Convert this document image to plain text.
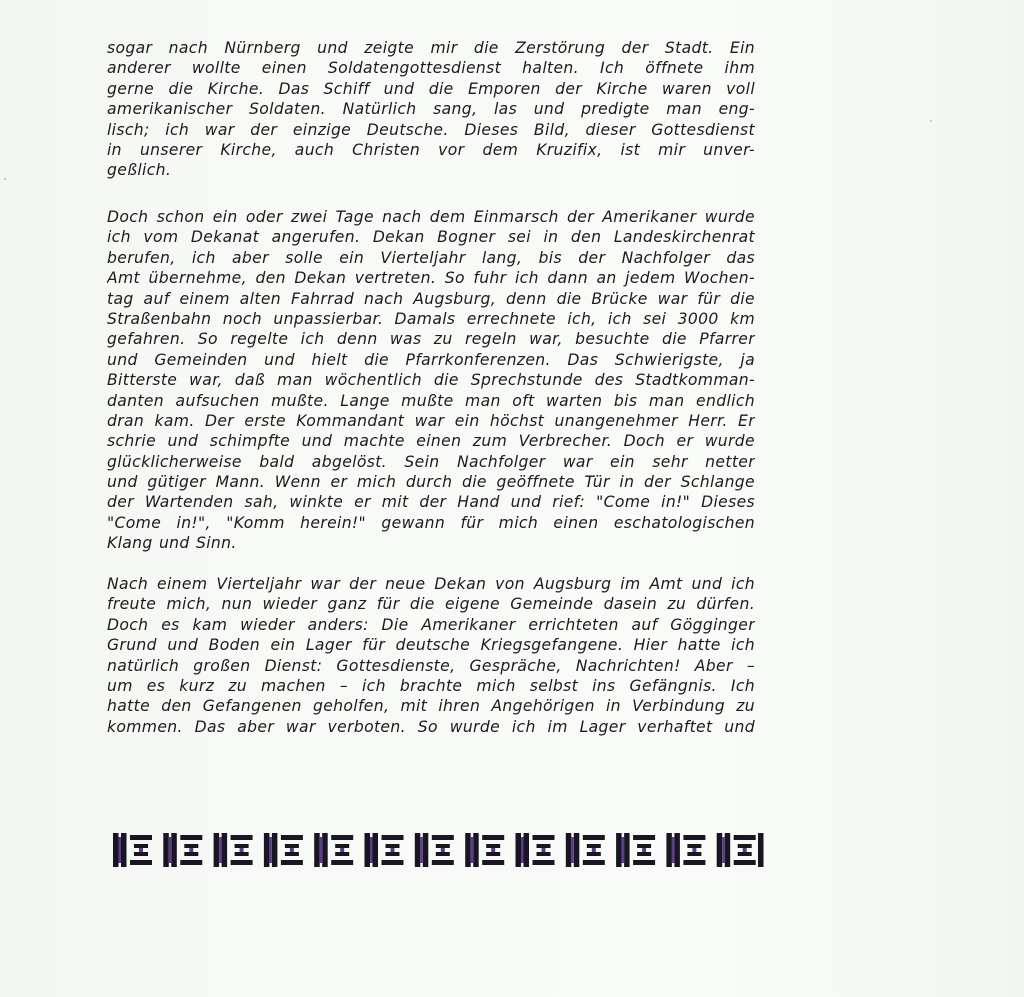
sogar nach Nürnberg und zeigte mir die Zerstörung der Stadt. Ein
anderer wollte einen Soldatengottesdienst halten. Ich öffnete ihm
gerne die Kirche. Das Schiff und die Emporen der Kirche waren voll
amerikanischer Soldaten. Natürlich sang, las und predigte man eng-
lisch; ich war der einzige Deutsche. Dieses Bild, dieser Gottesdienst
in unserer Kirche, auch Christen vor dem Kruzifix, ist mir unver-
geßlich.
Doch schon ein oder zwei Tage nach dem Einmarsch der Amerikaner wurde
ich vom Dekanat angerufen. Dekan Bogner sei in den Landeskirchenrat
berufen, ich aber solle ein Vierteljahr lang, bis der Nachfolger das
Amt übernehme, den Dekan vertreten. So fuhr ich dann an jedem Wochen-
tag auf einem alten Fahrrad nach Augsburg, denn die Brücke war für die
Straßenbahn noch unpassierbar. Damals errechnete ich, ich sei 3000 km
gefahren. So regelte ich denn was zu regeln war, besuchte die Pfarrer
und Gemeinden und hielt die Pfarrkonferenzen. Das Schwierigste, ja
Bitterste war, daß man wöchentlich die Sprechstunde des Stadtkomman-
danten aufsuchen mußte. Lange mußte man oft warten bis man endlich
dran kam. Der erste Kommandant war ein höchst unangenehmer Herr. Er
schrie und schimpfte und machte einen zum Verbrecher. Doch er wurde
glücklicherweise bald abgelöst. Sein Nachfolger war ein sehr netter
und gütiger Mann. Wenn er mich durch die geöffnete Tür in der Schlange
der Wartenden sah, winkte er mit der Hand und rief: "Come in!" Dieses
"Come in!", "Komm herein!" gewann für mich einen eschatologischen
Klang und Sinn.
Nach einem Vierteljahr war der neue Dekan von Augsburg im Amt und ich
freute mich, nun wieder ganz für die eigene Gemeinde dasein zu dürfen.
Doch es kam wieder anders: Die Amerikaner errichteten auf Gögginger
Grund und Boden ein Lager für deutsche Kriegsgefangene. Hier hatte ich
natürlich großen Dienst: Gottesdienste, Gespräche, Nachrichten! Aber –
um es kurz zu machen – ich brachte mich selbst ins Gefängnis. Ich
hatte den Gefangenen geholfen, mit ihren Angehörigen in Verbindung zu
kommen. Das aber war verboten. So wurde ich im Lager verhaftet und
